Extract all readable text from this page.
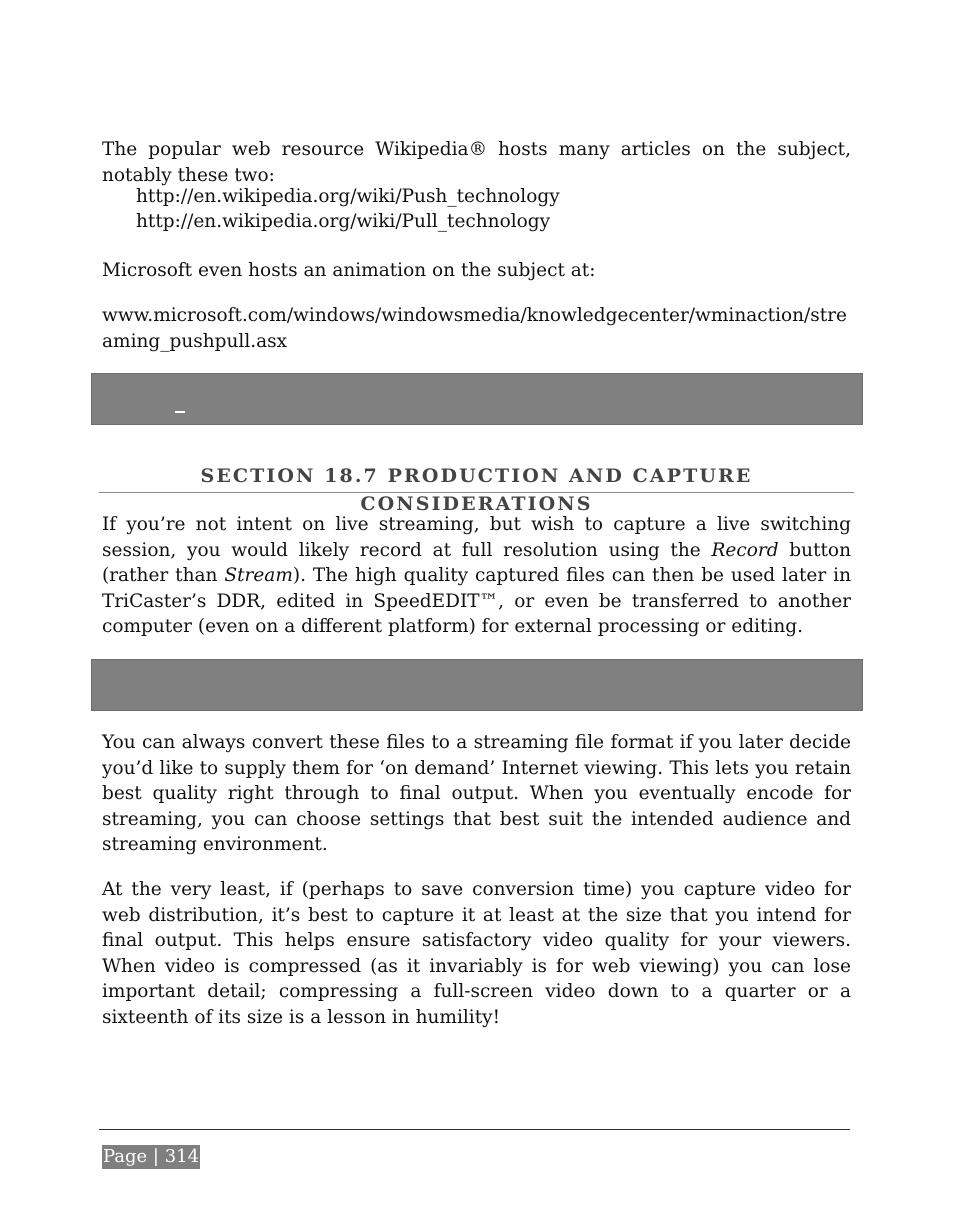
The popular web resource Wikipedia® hosts many articles on the subject, notably these two:

http://en.wikipedia.org/wiki/Push_technology

http://en.wikipedia.org/wiki/Pull_technology

Microsoft even hosts an animation on the subject at:

www.microsoft.com/windows/windowsmedia/knowledgecenter/wminaction/stre
aming_pushpull.asx
SECTION 18.7 PRODUCTION AND CAPTURE CONSIDERATIONS

If you’re not intent on live streaming, but wish to capture a live switching session, you would likely record at full resolution using the Record button (rather than Stream). The high quality captured files can then be used later in TriCaster’s DDR, edited in SpeedEDIT™, or even be transferred to another computer (even on a different platform) for external processing or editing.

You can always convert these files to a streaming file format if you later decide you’d like to supply them for ‘on demand’ Internet viewing. This lets you retain best quality right through to final output. When you eventually encode for streaming, you can choose settings that best suit the intended audience and streaming environment.

At the very least, if (perhaps to save conversion time) you capture video for web distribution, it’s best to capture it at least at the size that you intend for final output. This helps ensure satisfactory video quality for your viewers. When video is compressed (as it invariably is for web viewing) you can lose important detail; compressing a full-screen video down to a quarter or a sixteenth of its size is a lesson in humility!

Page | 314
